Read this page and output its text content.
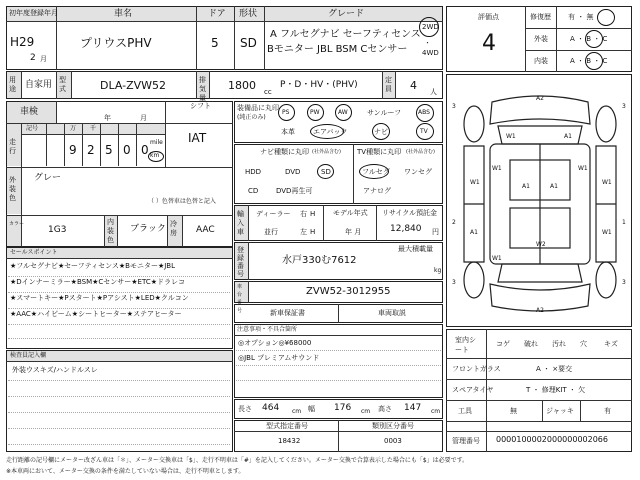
初年度登録年月	車名	ドア 形状	グレード
H29
2 月
プリウスPHV	5 SD
A フルセグナビ セーフティセンス
Bモニター JBL BSM Cセンサー
2WD
・
4WD
用途 自家用 型式	DLA-ZVW52	排気量
1800 cc
P・D・HV・(PHV)	定員 4 人
車検
年	月
シフト
IAT
走行
記号	万 千
9 2 5 0 0 km
mile
外装色
グレー
（ ）色替車は色替と記入
カラー
1G3
内装色
ブラック 冷房 AAC
セールスポイント
★フルセグナビ★セーフティセンス★Bモニター★JBL
★Dインナーミラー★BSM★Cセンサー★ETC★ドラレコ
★スマートキー★Pスタート★Pアシスト★LED★クルコン
★AAC★ハイビーム★シートヒーター★ステアヒーター
検査員記入欄
外装ウスキズ/ハンドルスレ
装備品に丸印
(純正のみ)
PS	PW	AW	サンルーフ	ABS
本革	エアバック	ナビ	TV
ナビ種類に丸印 (社外品含む)
HDD	DVD	SD
CD	DVD再生可
TV種類に丸印 (社外品含む)
フルセグ ワンセグ
アナログ
輸入車
ディーラー 右 H
並行	左 H
モデル年式
年 月
リサイクル預託金
12,840 円
登録番号
最大積載量
kg
水戸330む7612
車台番号
ZVW52-3012955
新車保証書	車両取説
注意事項・不具合箇所
◎オプション◎¥68000
◎JBL プレミアムサウンド
長さ 464 cm 幅 176 cm 高さ 147 cm
型式指定番号
18432
類別区分番号
0003
評価点
4
修復歴 有 ・ 無
外装	A ・ B ・ C
内装	A ・ B ・ C
A2
W1	A1
W1	W1
W1	W1
A1
A1	W1
A1
W2
W1
A2
3	3
2
3	3
1
室内シート
コゲ 破れ 汚れ 穴 キズ
フロントガラス	A ・ ×要交
スペアタイヤ	T ・ 修理KIT ・ 欠
工具	無	ジャッキ	有
管理番号 0000100002000000002066
走行距離の記号欄にメーター改ざん車は「＊」、メーター交換車は「$」、走行不明車は「#」を記入してください。メーター交換で合算表示した場合にも「$」は必要です。
※本車両において、メーター交換の条件を満たしていない場合は、走行不明車とします。
